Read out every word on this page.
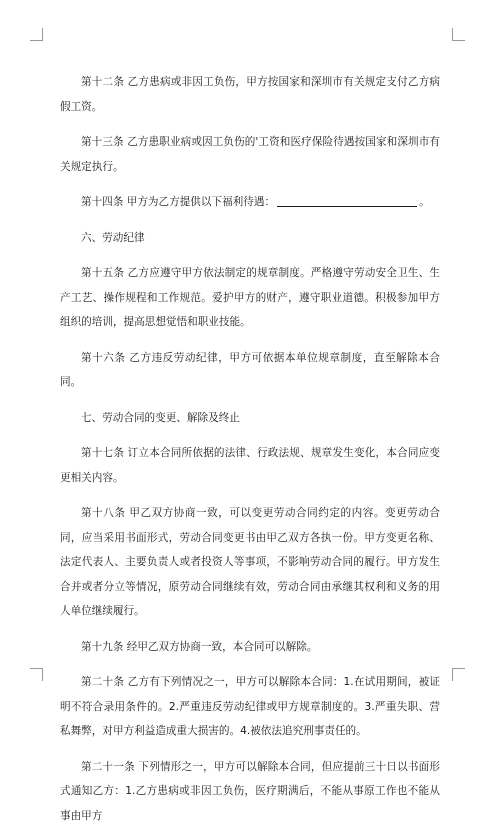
第十二条 乙方患病或非因工负伤，甲方按国家和深圳市有关规定支付乙方病假工资。

第十三条 乙方患职业病或因工负伤的'工资和医疗保险待遇按国家和深圳市有关规定执行。

第十四条 甲方为乙方提供以下福利待遇：	。

六、劳动纪律

第十五条 乙方应遵守甲方依法制定的规章制度。严格遵守劳动安全卫生、生产工艺、操作规程和工作规范。爱护甲方的财产，遵守职业道德。积极参加甲方组织的培训，提高思想觉悟和职业技能。

第十六条 乙方违反劳动纪律，甲方可依据本单位规章制度，直至解除本合同。

七、劳动合同的变更、解除及终止

第十七条 订立本合同所依据的法律、行政法规、规章发生变化，本合同应变更相关内容。

第十八条 甲乙双方协商一致，可以变更劳动合同约定的内容。变更劳动合同，应当采用书面形式，劳动合同变更书由甲乙双方各执一份。甲方变更名称、法定代表人、主要负责人或者投资人等事项，不影响劳动合同的履行。甲方发生合并或者分立等情况，原劳动合同继续有效，劳动合同由承继其权利和义务的用人单位继续履行。

第十九条 经甲乙双方协商一致，本合同可以解除。

第二十条 乙方有下列情况之一，甲方可以解除本合同：1.在试用期间，被证明不符合录用条件的。2.严重违反劳动纪律或甲方规章制度的。3.严重失职、营私舞弊，对甲方利益造成重大损害的。4.被依法追究刑事责任的。

第二十一条 下列情形之一，甲方可以解除本合同，但应提前三十日以书面形式通知乙方：1.乙方患病或非因工负伤，医疗期满后，不能从事原工作也不能从事由甲方
